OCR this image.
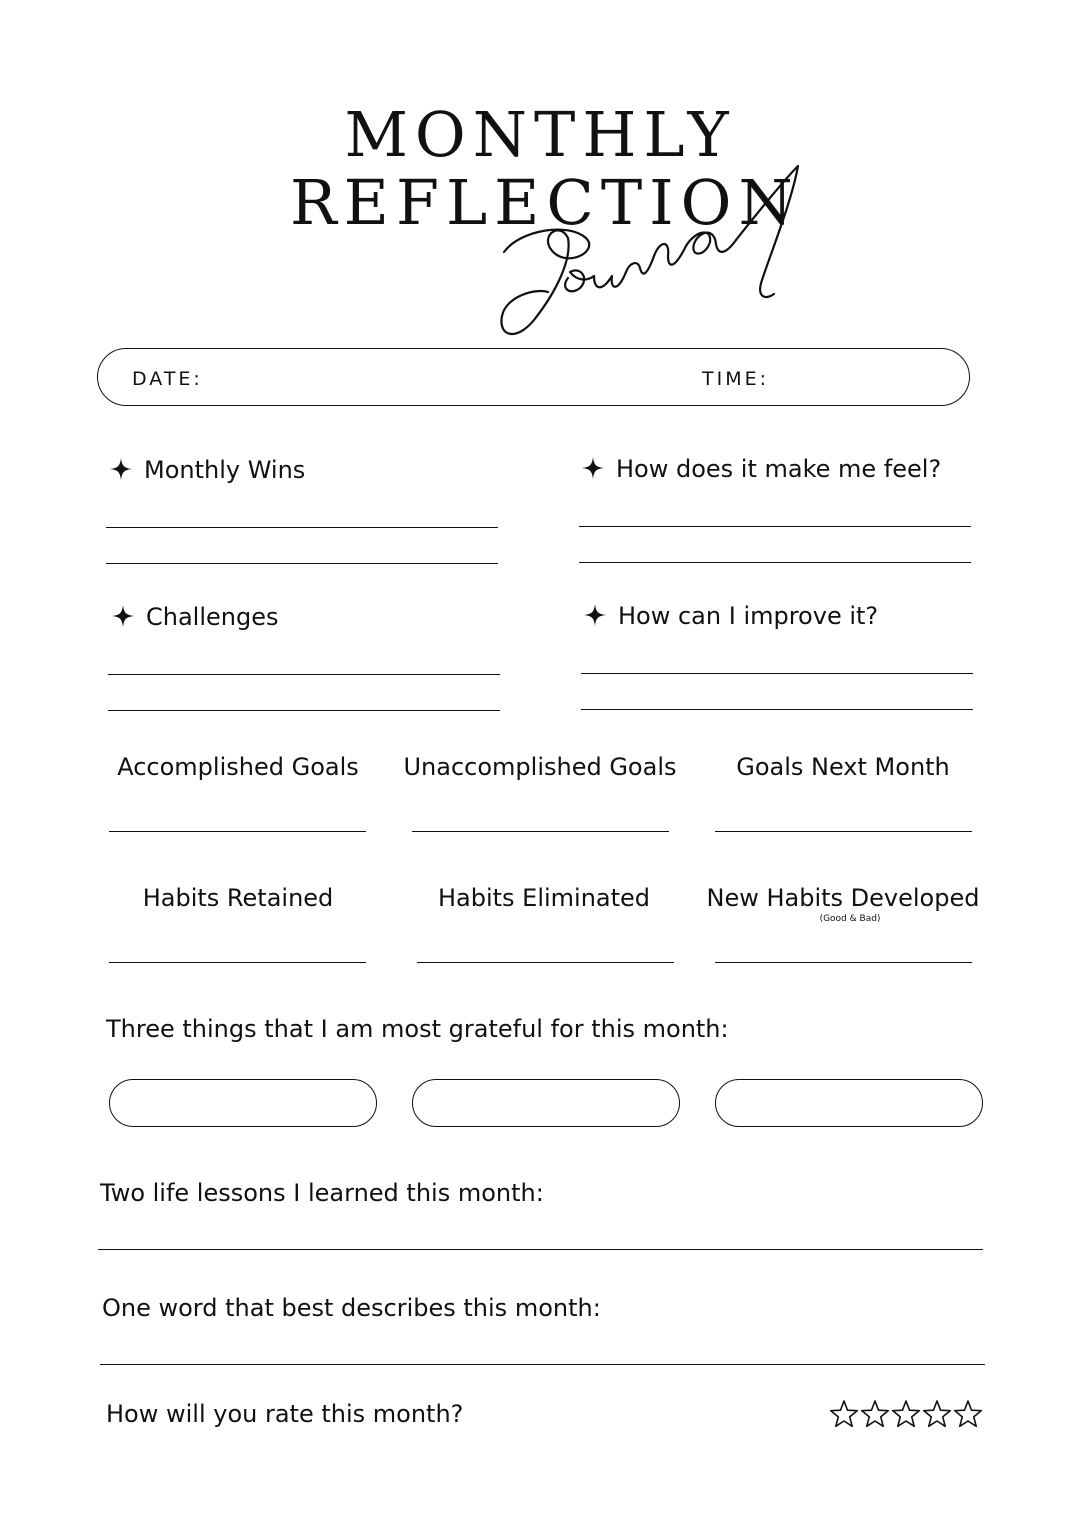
MONTHLY
REFLECTION
DATE:	TIME:
Monthly Wins	How does it make me feel?
Challenges	How can I improve it?
Accomplished Goals	Unaccomplished Goals	Goals Next Month
Habits Retained	Habits Eliminated	New Habits Developed
(Good & Bad)
Three things that I am most grateful for this month:
Two life lessons I learned this month:
One word that best describes this month:
How will you rate this month?
